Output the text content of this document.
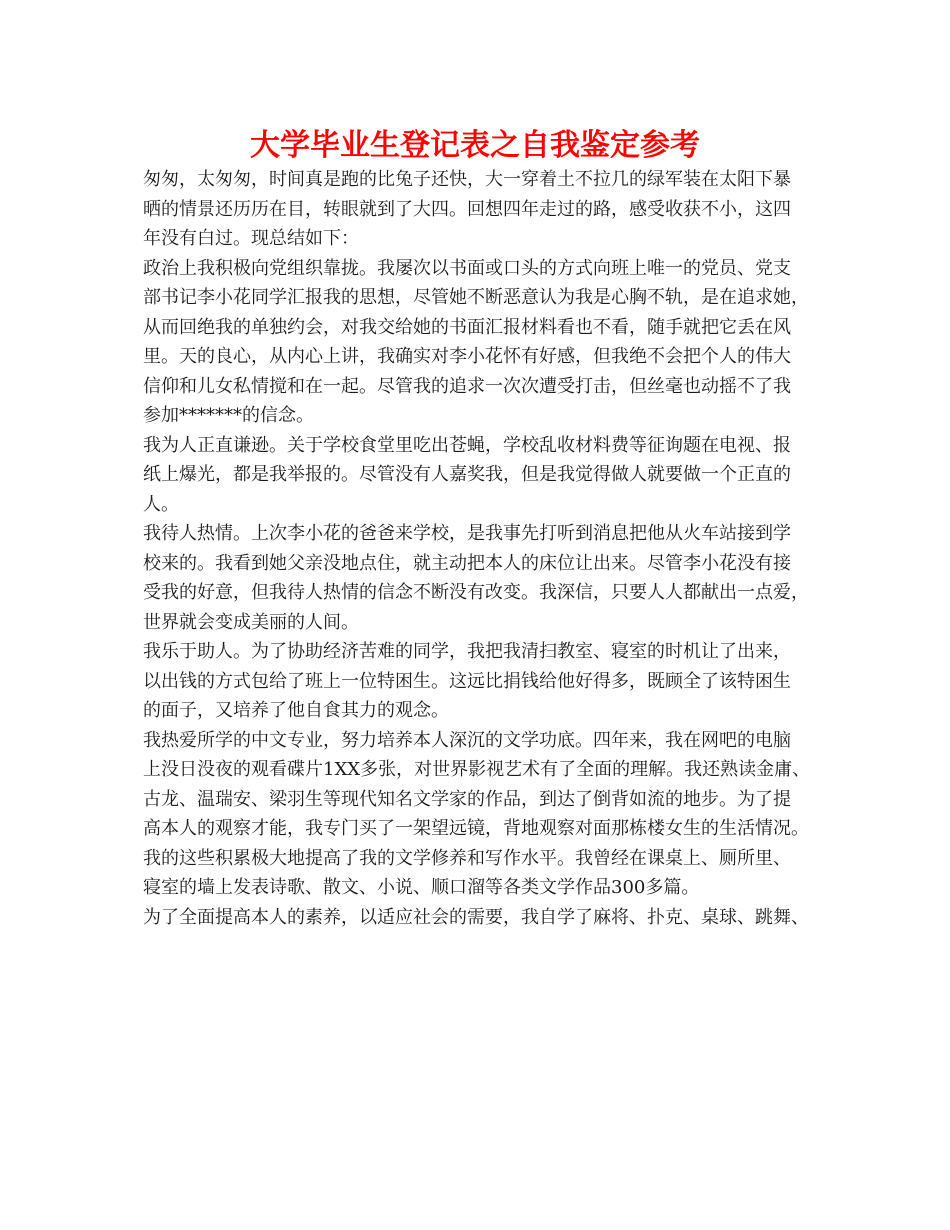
大学毕业生登记表之自我鉴定参考
匆匆，太匆匆，时间真是跑的比兔子还快，大一穿着土不拉几的绿军装在太阳下暴
晒的情景还历历在目，转眼就到了大四。回想四年走过的路，感受收获不小，这四
年没有白过。现总结如下：
政治上我积极向党组织靠拢。我屡次以书面或口头的方式向班上唯一的党员、党支
部书记李小花同学汇报我的思想，尽管她不断恶意认为我是心胸不轨，是在追求她，
从而回绝我的单独约会，对我交给她的书面汇报材料看也不看，随手就把它丢在风
里。天的良心，从内心上讲，我确实对李小花怀有好感，但我绝不会把个人的伟大
信仰和儿女私情搅和在一起。尽管我的追求一次次遭受打击，但丝毫也动摇不了我
参加*******的信念。
我为人正直谦逊。关于学校食堂里吃出苍蝇，学校乱收材料费等征询题在电视、报
纸上爆光，都是我举报的。尽管没有人嘉奖我，但是我觉得做人就要做一个正直的
人。
我待人热情。上次李小花的爸爸来学校，是我事先打听到消息把他从火车站接到学
校来的。我看到她父亲没地点住，就主动把本人的床位让出来。尽管李小花没有接
受我的好意，但我待人热情的信念不断没有改变。我深信，只要人人都献出一点爱，
世界就会变成美丽的人间。
我乐于助人。为了协助经济苦难的同学，我把我清扫教室、寝室的时机让了出来，
以出钱的方式包给了班上一位特困生。这远比捐钱给他好得多，既顾全了该特困生
的面子，又培养了他自食其力的观念。
我热爱所学的中文专业，努力培养本人深沉的文学功底。四年来，我在网吧的电脑
上没日没夜的观看碟片1XX多张，对世界影视艺术有了全面的理解。我还熟读金庸、
古龙、温瑞安、梁羽生等现代知名文学家的作品，到达了倒背如流的地步。为了提
高本人的观察才能，我专门买了一架望远镜，背地观察对面那栋楼女生的生活情况。
我的这些积累极大地提高了我的文学修养和写作水平。我曾经在课桌上、厕所里、
寝室的墙上发表诗歌、散文、小说、顺口溜等各类文学作品300多篇。
为了全面提高本人的素养，以适应社会的需要，我自学了麻将、扑克、桌球、跳舞、
